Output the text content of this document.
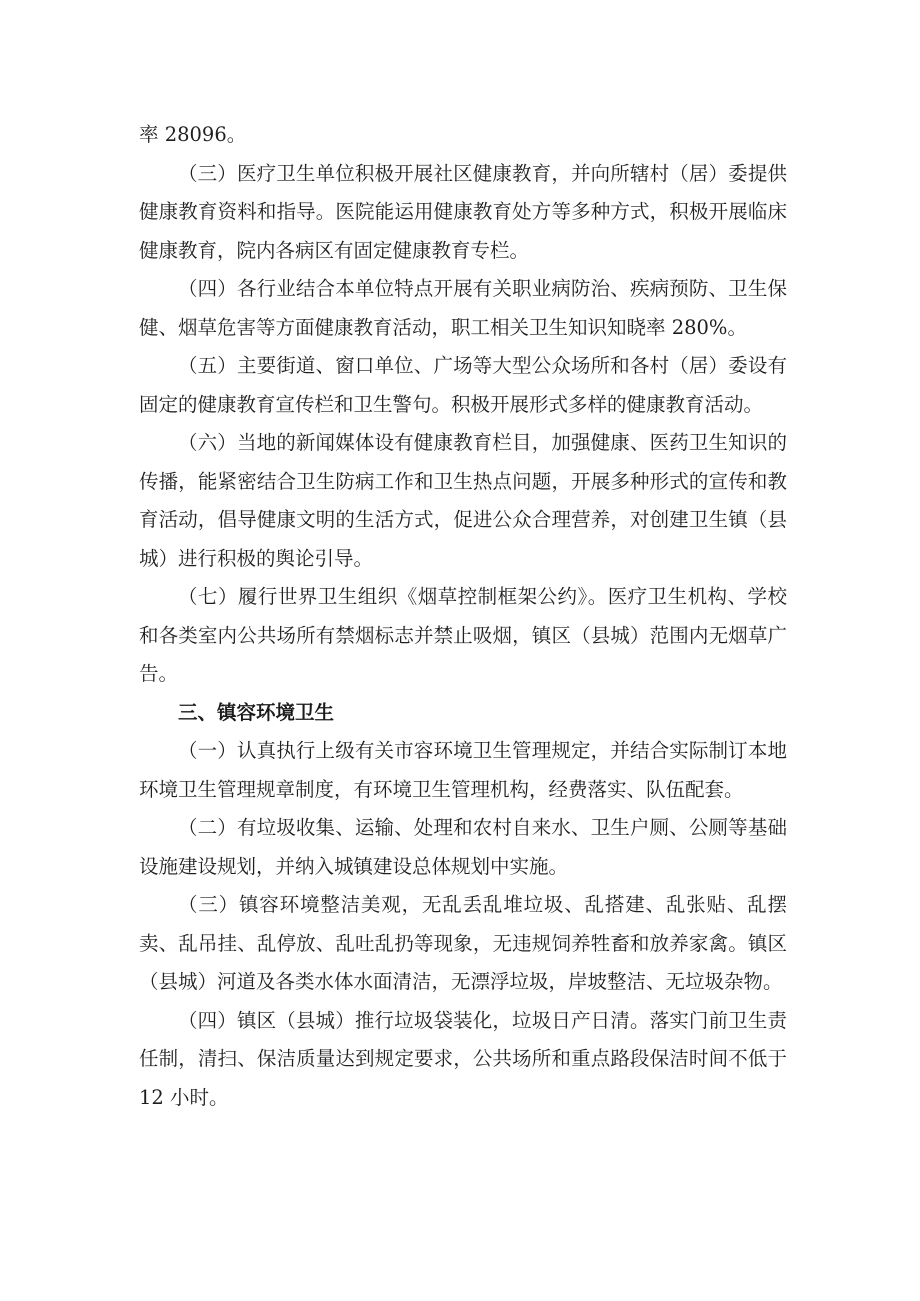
率 28096。

（三）医疗卫生单位积极开展社区健康教育，并向所辖村（居）委提供健康教育资料和指导。医院能运用健康教育处方等多种方式，积极开展临床健康教育，院内各病区有固定健康教育专栏。

（四）各行业结合本单位特点开展有关职业病防治、疾病预防、卫生保健、烟草危害等方面健康教育活动，职工相关卫生知识知晓率 280%。

（五）主要街道、窗口单位、广场等大型公众场所和各村（居）委设有固定的健康教育宣传栏和卫生警句。积极开展形式多样的健康教育活动。

（六）当地的新闻媒体设有健康教育栏目，加强健康、医药卫生知识的传播，能紧密结合卫生防病工作和卫生热点问题，开展多种形式的宣传和教育活动，倡导健康文明的生活方式，促进公众合理营养，对创建卫生镇（县城）进行积极的舆论引导。

（七）履行世界卫生组织《烟草控制框架公约》。医疗卫生机构、学校和各类室内公共场所有禁烟标志并禁止吸烟，镇区（县城）范围内无烟草广告。

三、镇容环境卫生

（一）认真执行上级有关市容环境卫生管理规定，并结合实际制订本地环境卫生管理规章制度，有环境卫生管理机构，经费落实、队伍配套。

（二）有垃圾收集、运输、处理和农村自来水、卫生户厕、公厕等基础设施建设规划，并纳入城镇建设总体规划中实施。

（三）镇容环境整洁美观，无乱丢乱堆垃圾、乱搭建、乱张贴、乱摆卖、乱吊挂、乱停放、乱吐乱扔等现象，无违规饲养牲畜和放养家禽。镇区（县城）河道及各类水体水面清洁，无漂浮垃圾，岸坡整洁、无垃圾杂物。

（四）镇区（县城）推行垃圾袋装化，垃圾日产日清。落实门前卫生责任制，清扫、保洁质量达到规定要求，公共场所和重点路段保洁时间不低于 12 小时。
